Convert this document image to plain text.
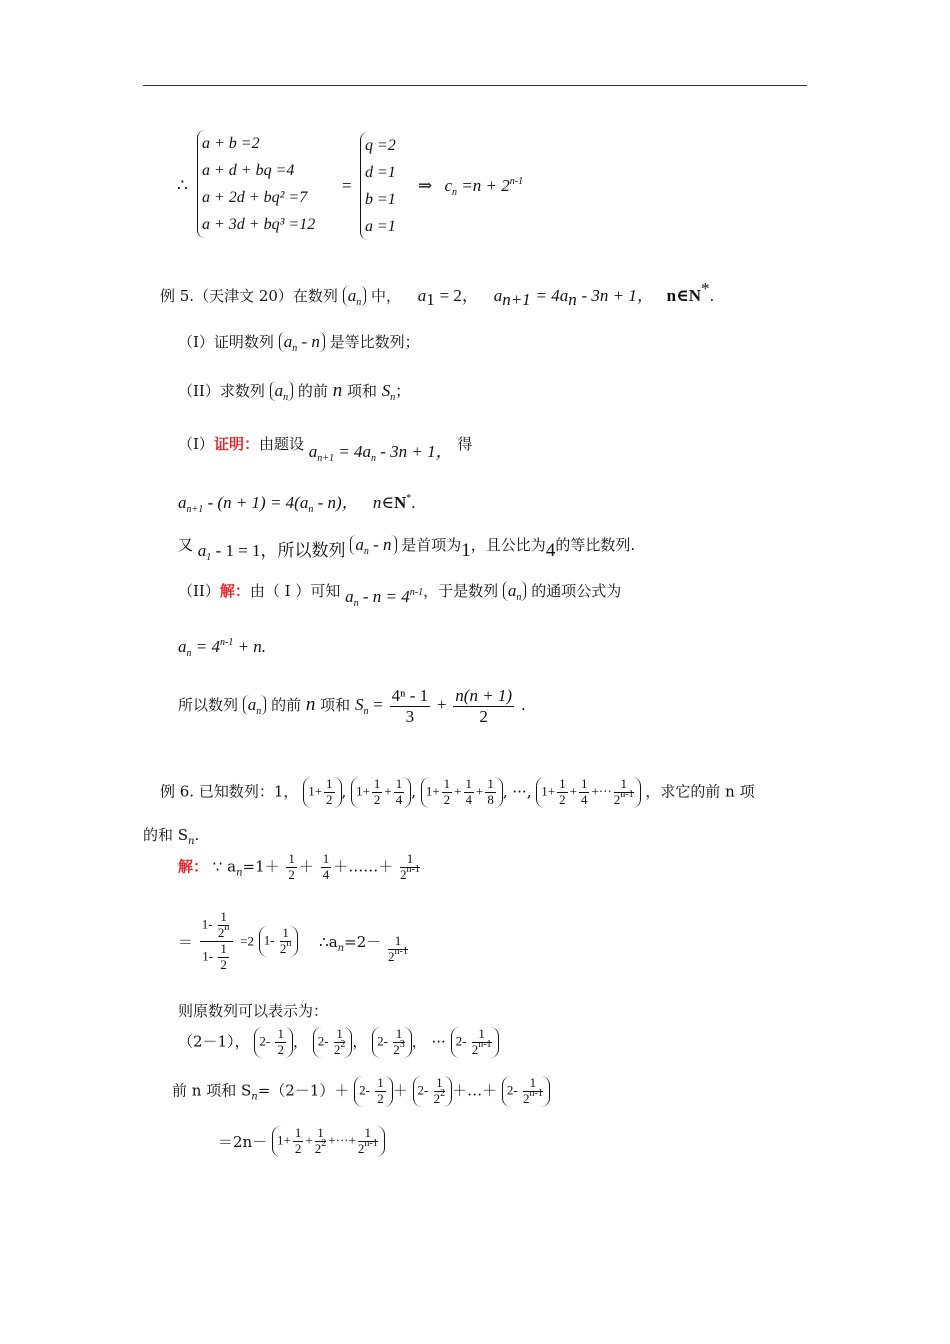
∴
a + b =2
a + d + bq =4
a + 2d + bq² =7
a + 3d + bq³ =12
=
q =2
d =1
b =1
a =1
⇒ $c_n =n + 2^{n-1}$
例 5.（天津文 20）在数列 $a_n$ 中， $a_1 = 2$， $a_{n+1} = 4a_n - 3n + 1$， n∈N*.
（I）证明数列 $a_n$ - n 是等比数列；
（II）求数列 $a_n$ 的前 n 项和 $S_n$；
（I）证明：由题设 $a_{n+1} = 4a_n - 3n + 1$， 得
$a_{n+1} - (n + 1) = 4(a_n - n)$， n∈N*.
又 $a_1 - 1 = 1$，所以数列 $a_n$ - n 是首项为1，且公比为4的等比数列.
（II）解：由（ I ）可知 $a_n - n = 4^{n-1}$，于是数列 $a_n$ 的通项公式为
$a_n = 4^{n-1} + n$.
所以数列 $a_n$ 的前 n 项和 $S_n = \frac{\text{4ⁿ - 1}}{3} + \frac{n(n + 1)}{2}$ .
例 6. 已知数列：1， $1+ \frac{1}{2}$ , $1+ \frac{1}{2} + \frac{1}{4}$ , $1+ \frac{1}{2} + \frac{1}{4} + \frac{1}{8}$ , ···, $1+ \frac{1}{2} + \frac{1}{4}$ +··· $\frac{1}{2^{n-1}}$ ，求它的前 n 项
的和 $S_n$.
解： ∵ $a_n=1+ \frac{1}{2} + \frac{1}{4}$ ＋……＋ $\frac{1}{2^{n-1}}$
＝ $\frac{1- \frac{1}{2^n}}{1- \frac{1}{2}} =2$ $1- \frac{1}{2^n}$ $\therefore a_n=2- \frac{1}{2^{n-1}}$
则原数列可以表示为：
（2－1）， $2- \frac{1}{2}$ ， $2- \frac{1}{2^2}$ ， $2- \frac{1}{2^3}$ ， ··· $2- \frac{1}{2^{n-1}}$
前 n 项和 $S_n=(2-1)+ 2- \frac{1}{2} + 2- \frac{1}{2^2}$ ＋…＋ $2- \frac{1}{2^{n-1}}$
$=2n- 1+ \frac{1}{2} + \frac{1}{2^2}$ +···+ $\frac{1}{2^{n-1}}$
